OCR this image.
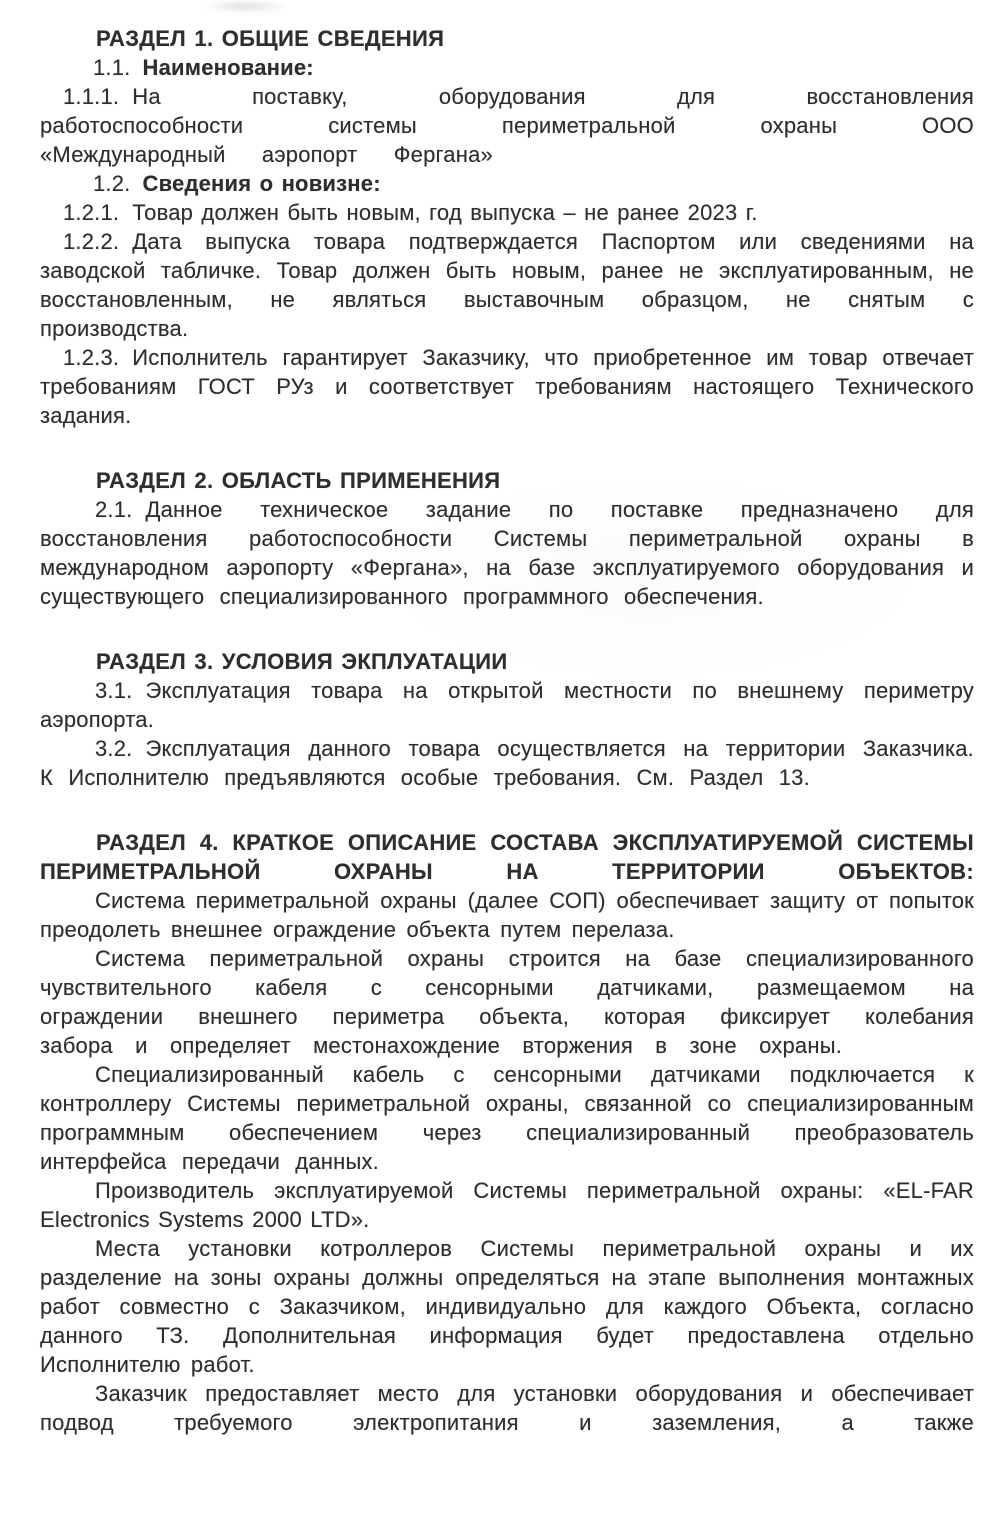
РАЗДЕЛ 1. ОБЩИЕ СВЕДЕНИЯ

1.1. Наименование:

1.1.1. На поставку, оборудования для восстановления работоспособности системы периметральной охраны ООО «Международный аэропорт Фергана»

1.2. Сведения о новизне:

1.2.1. Товар должен быть новым, год выпуска – не ранее 2023 г.

1.2.2. Дата выпуска товара подтверждается Паспортом или сведениями на заводской табличке. Товар должен быть новым, ранее не эксплуатированным, не восстановленным, не являться выставочным образцом, не снятым с производства.

1.2.3. Исполнитель гарантирует Заказчику, что приобретенное им товар отвечает требованиям ГОСТ РУз и соответствует требованиям настоящего Технического задания.

РАЗДЕЛ 2. ОБЛАСТЬ ПРИМЕНЕНИЯ

2.1. Данное техническое задание по поставке предназначено для восстановления работоспособности Системы периметральной охраны в международном аэропорту «Фергана», на базе эксплуатируемого оборудования и существующего специализированного программного обеспечения.

РАЗДЕЛ 3. УСЛОВИЯ ЭКПЛУАТАЦИИ

3.1. Эксплуатация товара на открытой местности по внешнему периметру аэропорта.

3.2. Эксплуатация данного товара осуществляется на территории Заказчика. К Исполнителю предъявляются особые требования. См. Раздел 13.

РАЗДЕЛ 4. КРАТКОЕ ОПИСАНИЕ СОСТАВА ЭКСПЛУАТИРУЕМОЙ СИСТЕМЫ ПЕРИМЕТРАЛЬНОЙ ОХРАНЫ НА ТЕРРИТОРИИ ОБЪЕКТОВ:

Система периметральной охраны (далее СОП) обеспечивает защиту от попыток преодолеть внешнее ограждение объекта путем перелаза.

Система периметральной охраны строится на базе специализированного чувствительного кабеля с сенсорными датчиками, размещаемом на ограждении внешнего периметра объекта, которая фиксирует колебания забора и определяет местонахождение вторжения в зоне охраны.

Специализированный кабель с сенсорными датчиками подключается к контроллеру Системы периметральной охраны, связанной со специализированным программным обеспечением через специализированный преобразователь интерфейса передачи данных.

Производитель эксплуатируемой Системы периметральной охраны: «EL-FAR Electronics Systems 2000 LTD».

Места установки котроллеров Системы периметральной охраны и их разделение на зоны охраны должны определяться на этапе выполнения монтажных работ совместно с Заказчиком, индивидуально для каждого Объекта, согласно данного ТЗ. Дополнительная информация будет предоставлена отдельно Исполнителю работ.

Заказчик предоставляет место для установки оборудования и обеспечивает подвод требуемого электропитания и заземления, а также
